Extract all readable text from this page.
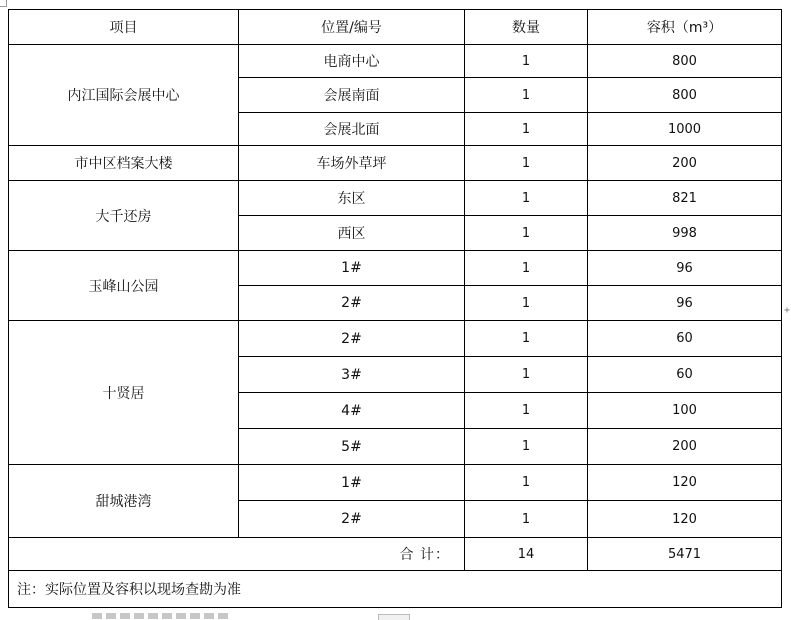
+
项目	位置/编号	数量	容积（m³）
内江国际会展中心	电商中心	1	800
	会展南面	1	800
	会展北面	1	1000
市中区档案大楼	车场外草坪	1	200
大千还房	东区	1	821
	西区	1	998
玉峰山公园	1#	1	96
	2#	1	96
十贤居	2#	1	60
	3#	1	60
	4#	1	100
	5#	1	200
甜城港湾	1#	1	120
	2#	1	120
合 计：		14	5471
注：实际位置及容积以现场查勘为准			
